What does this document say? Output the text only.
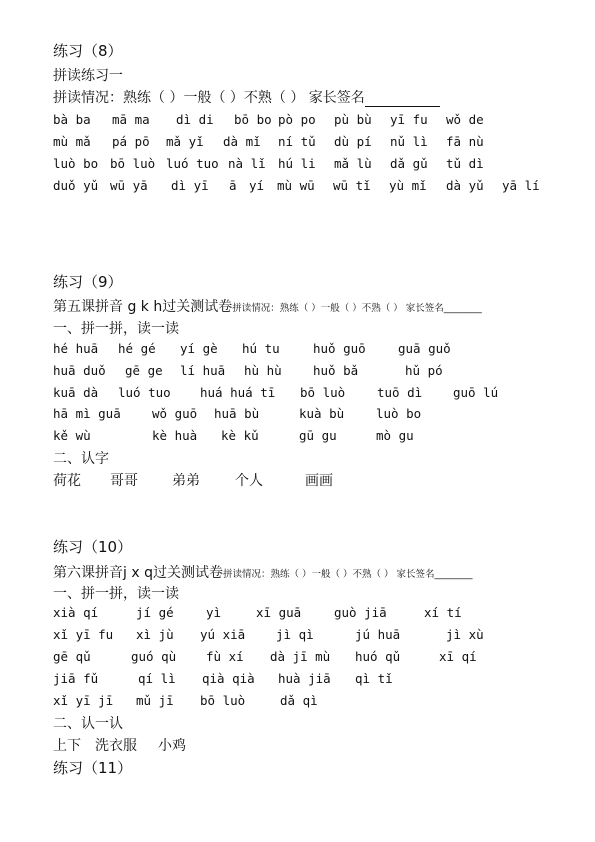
练习（8）
拼读练习一
拼读情况：熟练（ ）一般（ ）不熟（ ） 家长签名
bà ba mā ma dì di bō bo pò po pù bù yī fu wǒ de
mù mǎ pá pō mǎ yǐ dà mǐ ní tǔ dù pí nǔ lì fā nù
luò bo bō luò luó tuo nà lǐ hú li mǎ lù dǎ gǔ tǔ dì
duǒ yǔ wū yā dì yī ā yí mù wū wū tǐ yù mǐ dà yǔ yā lí
练习（9）
第五课拼音 g k h过关测试卷拼读情况：熟练（ ）一般（ ）不熟（ ） 家长签名________
一、拼一拼，读一读
hé huā hé gé yí gè hú tu	huǒ guō	guā guǒ
huā duǒ gē ge lí huā hù hù	huǒ bǎ	hǔ pó
kuā dà luó tuo huá huá tī bō luò	tuō dì guō lú
hā mì guā	wǒ guō huā bù	kuà bù	luò bo
kě wù	kè huà kè kǔ	gū gu	mò gu
二、认字
荷花 哥哥 弟弟	个人	画画
练习（10）
第六课拼音j x q过关测试卷拼读情况：熟练（ ）一般（ ）不熟（ ） 家长签名________
一、拼一拼，读一读
xià qí	jí gé	yì	xī guā	guò jiā	xí tí
xǐ yī fu xì jù yú xiā jì qì	jú huā	jì xù
gē qǔ	guó qù fù xí dà jī mù huó qǔ	xī qí
jiā fǔ	qí lì qià qià huà jiā qì tǐ
xǐ yī jī mǔ jī bō luò	dǎ qì
二、认一认
上下 洗衣服 小鸡
练习（11）
